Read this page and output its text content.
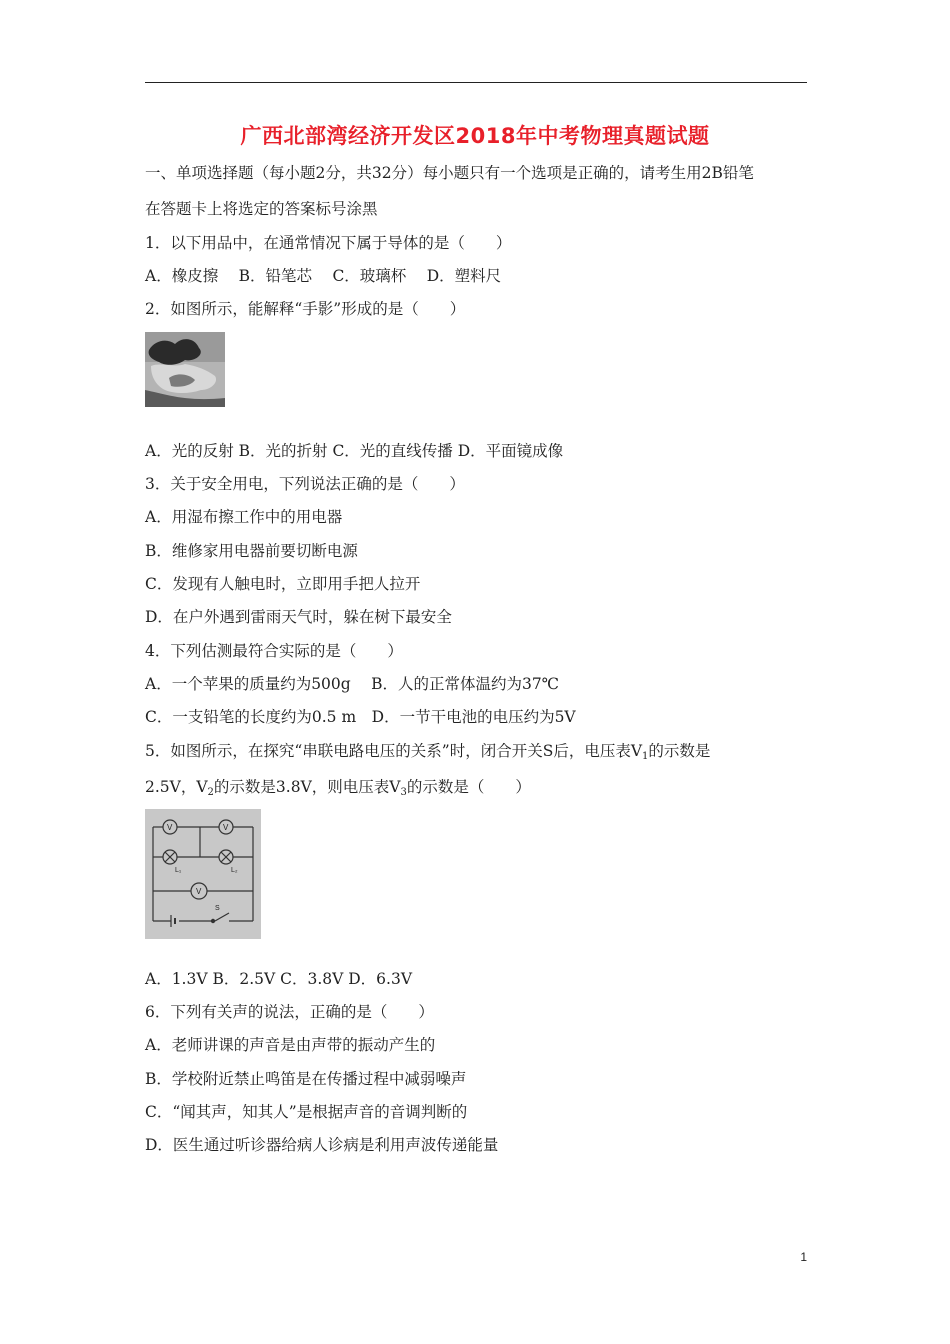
广西北部湾经济开发区2018年中考物理真题试题
一、单项选择题（每小题2分，共32分）每小题只有一个选项是正确的，请考生用2B铅笔
在答题卡上将选定的答案标号涂黑
1．以下用品中，在通常情况下属于导体的是（　　）
A．橡皮擦　 B．铅笔芯　 C．玻璃杯　 D．塑料尺
2．如图所示，能解释“手影”形成的是（　　）
A．光的反射 B．光的折射 C．光的直线传播 D．平面镜成像
3．关于安全用电，下列说法正确的是（　　）
A．用湿布擦工作中的用电器
B．维修家用电器前要切断电源
C．发现有人触电时，立即用手把人拉开
D．在户外遇到雷雨天气时，躲在树下最安全
4．下列估测最符合实际的是（　　）
A．一个苹果的质量约为500g　 B．人的正常体温约为37℃
C．一支铅笔的长度约为0.5 m　D．一节干电池的电压约为5V
5．如图所示，在探究“串联电路电压的关系”时，闭合开关S后，电压表$V_1$的示数是
2.5V，$V_2$的示数是3.8V，则电压表$V_3$的示数是（　　）
V	V
V
L₁	L₂
S
A．1.3V B．2.5V C．3.8V D．6.3V
6．下列有关声的说法，正确的是（　　）
A．老师讲课的声音是由声带的振动产生的
B．学校附近禁止鸣笛是在传播过程中减弱噪声
C．“闻其声，知其人”是根据声音的音调判断的
D．医生通过听诊器给病人诊病是利用声波传递能量
1
